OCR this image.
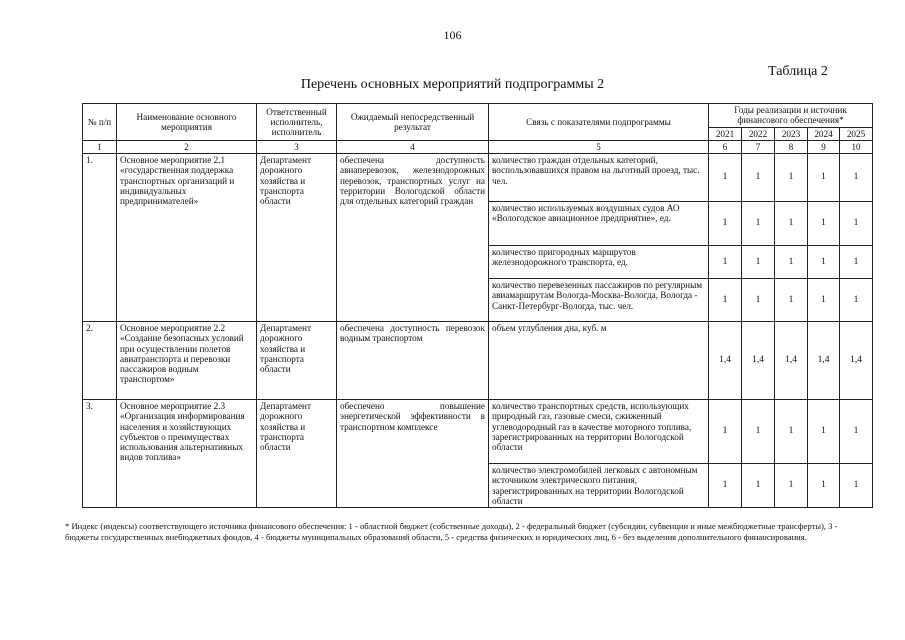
106
Таблица 2
Перечень основных мероприятий подпрограммы 2
№ п/п	Наименование основного мероприятия	Ответственный исполнитель, исполнитель	Ожидаемый непосредственный результат	Связь с показателями подпрограммы	Годы реализации и источник финансового обеспечения*				
					2021	2022	2023	2024	2025
1	2	3	4	5	6	7	8	9	10
1.	Основное мероприятие 2.1 «государственная поддержка транспортных организаций и индивидуальных предпринимателей»	Департамент дорожного хозяйства и транспорта области	обеспечена доступность авиаперевозок, железнодорожных перевозок, транспортных услуг на территории Вологодской области для отдельных категорий граждан	количество граждан отдельных категорий, воспользовавшихся правом на льготный проезд, тыс. чел.	1	1	1	1	1
				количество используемых воздушных судов АО «Вологодское авиационное предприятие», ед.	1	1	1	1	1
				количество пригородных маршрутов железнодорожного транспорта, ед.	1	1	1	1	1
				количество перевезенных пассажиров по регулярным авиамаршрутам Вологда-Москва-Вологда, Вологда - Санкт-Петербург-Вологда, тыс. чел.	1	1	1	1	1
2.	Основное мероприятие 2.2 «Создание безопасных условий при осуществлении полетов авиатранспорта и перевозки пассажиров водным транспортом»	Департамент дорожного хозяйства и транспорта области	обеспечена доступность перевозок водным транспортом	объем углубления дна, куб. м	1,4	1,4	1,4	1,4	1,4
3.	Основное мероприятие 2.3 «Организация информирования населения и хозяйствующих субъектов о преимуществах использования альтернативных видов топлива»	Департамент дорожного хозяйства и транспорта области	обеспечено повышение энергетической эффективности в транспортном комплексе	количество транспортных средств, использующих природный газ, газовые смеси, сжиженный углеводородный газ в качестве моторного топлива, зарегистрированных на территории Вологодской области	1	1	1	1	1
				количество электромобилей легковых с автономным источником электрического питания, зарегистрированных на территории Вологодской области	1	1	1	1	1
* Индекс (индексы) соответствующего источника финансового обеспечения: 1 - областной бюджет (собственные доходы), 2 - федеральный бюджет (субсидии, субвенции и иные межбюджетные трансферты), 3 - бюджеты государственных внебюджетных фондов, 4 - бюджеты муниципальных образований области, 5 - средства физических и юридических лиц, 6 - без выделения дополнительного финансирования.
